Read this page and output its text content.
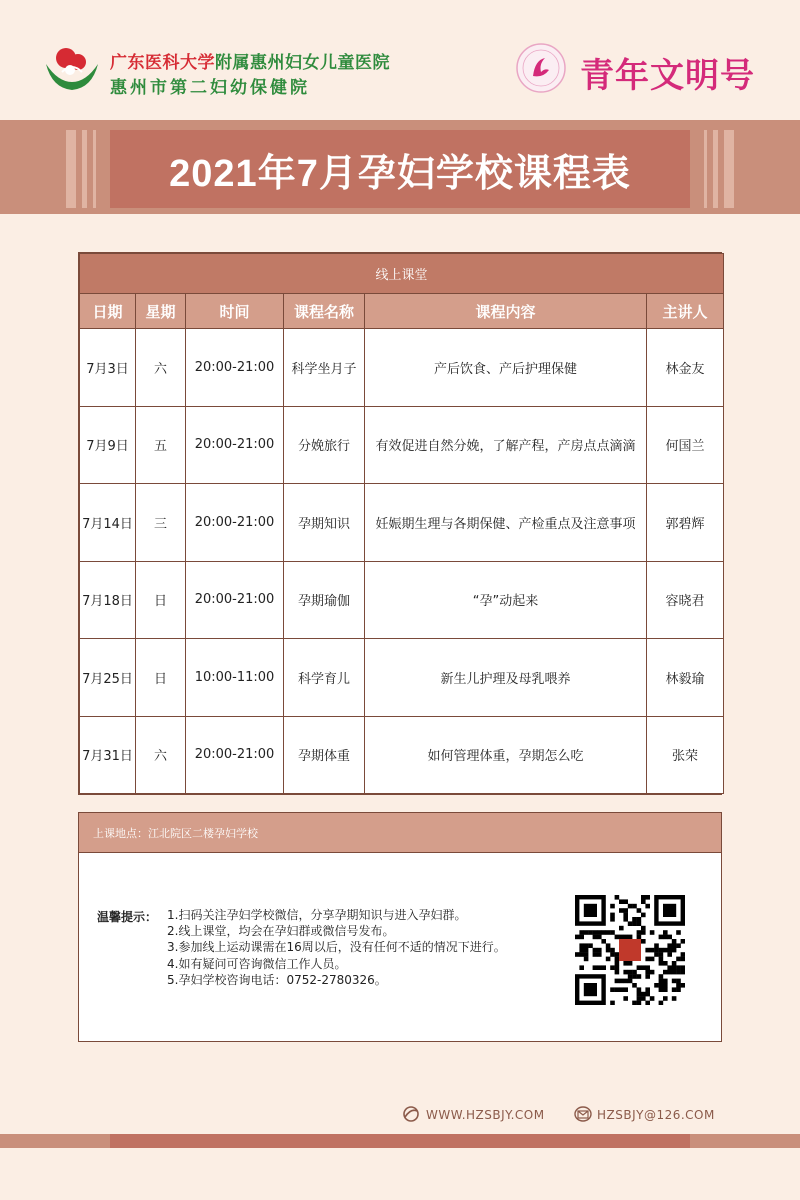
广东医科大学附属惠州妇女儿童医院
惠州市第二妇幼保健院	青年文明号
2021年7月孕妇学校课程表
线上课堂					
日期	星期	时间	课程名称	课程内容	主讲人
7月3日	六	20:00-21:00	科学坐月子	产后饮食、产后护理保健	林金友
7月9日	五	20:00-21:00	分娩旅行	有效促进自然分娩，了解产程，产房点点滴滴	何国兰
7月14日	三	20:00-21:00	孕期知识	妊娠期生理与各期保健、产检重点及注意事项	郭碧辉
7月18日	日	20:00-21:00	孕期瑜伽	“孕”动起来	容晓君
7月25日	日	10:00-11:00	科学育儿	新生儿护理及母乳喂养	林毅瑜
7月31日	六	20:00-21:00	孕期体重	如何管理体重，孕期怎么吃	张荣
上课地点：江北院区二楼孕妇学校
温馨提示： 1.扫码关注孕妇学校微信，分享孕期知识与进入孕妇群。
2.线上课堂，均会在孕妇群或微信号发布。
3.参加线上运动课需在16周以后，没有任何不适的情况下进行。
4.如有疑问可咨询微信工作人员。
5.孕妇学校咨询电话：0752-2780326。
WWW.HZSBJY.COM	HZSBJY@126.COM
